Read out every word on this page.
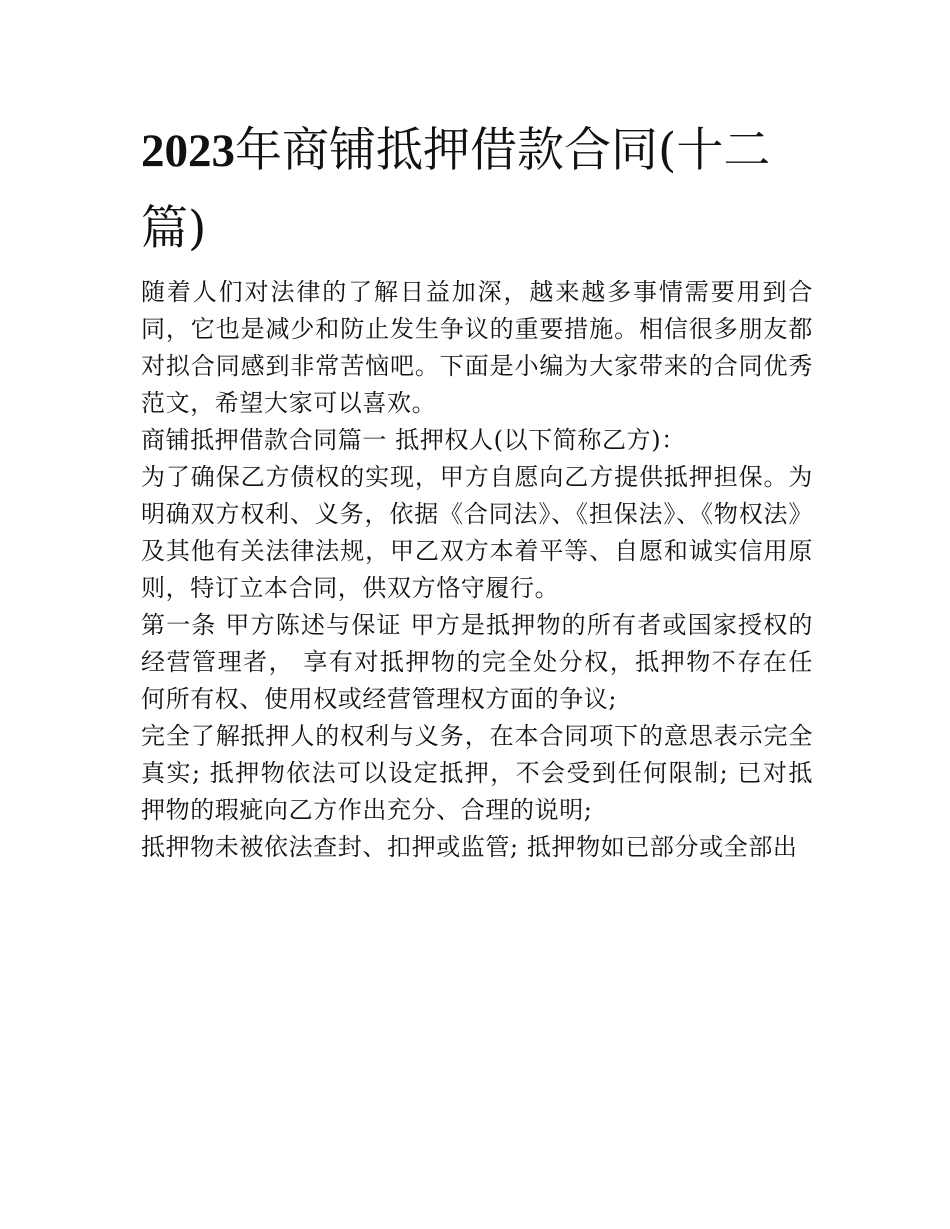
2023年商铺抵押借款合同(十二篇)

随着人们对法律的了解日益加深，越来越多事情需要用到合同，它也是减少和防止发生争议的重要措施。相信很多朋友都对拟合同感到非常苦恼吧。下面是小编为大家带来的合同优秀范文，希望大家可以喜欢。

商铺抵押借款合同篇一 抵押权人(以下简称乙方)：

为了确保乙方债权的实现，甲方自愿向乙方提供抵押担保。为明确双方权利、义务，依据《合同法》、《担保法》、《物权法》及其他有关法律法规，甲乙双方本着平等、自愿和诚实信用原则，特订立本合同，供双方恪守履行。

第一条 甲方陈述与保证 甲方是抵押物的所有者或国家授权的经营管理者， 享有对抵押物的完全处分权，抵押物不存在任何所有权、使用权或经营管理权方面的争议;

完全了解抵押人的权利与义务，在本合同项下的意思表示完全真实; 抵押物依法可以设定抵押，不会受到任何限制; 已对抵押物的瑕疵向乙方作出充分、合理的说明;

抵押物未被依法查封、扣押或监管; 抵押物如已部分或全部出
